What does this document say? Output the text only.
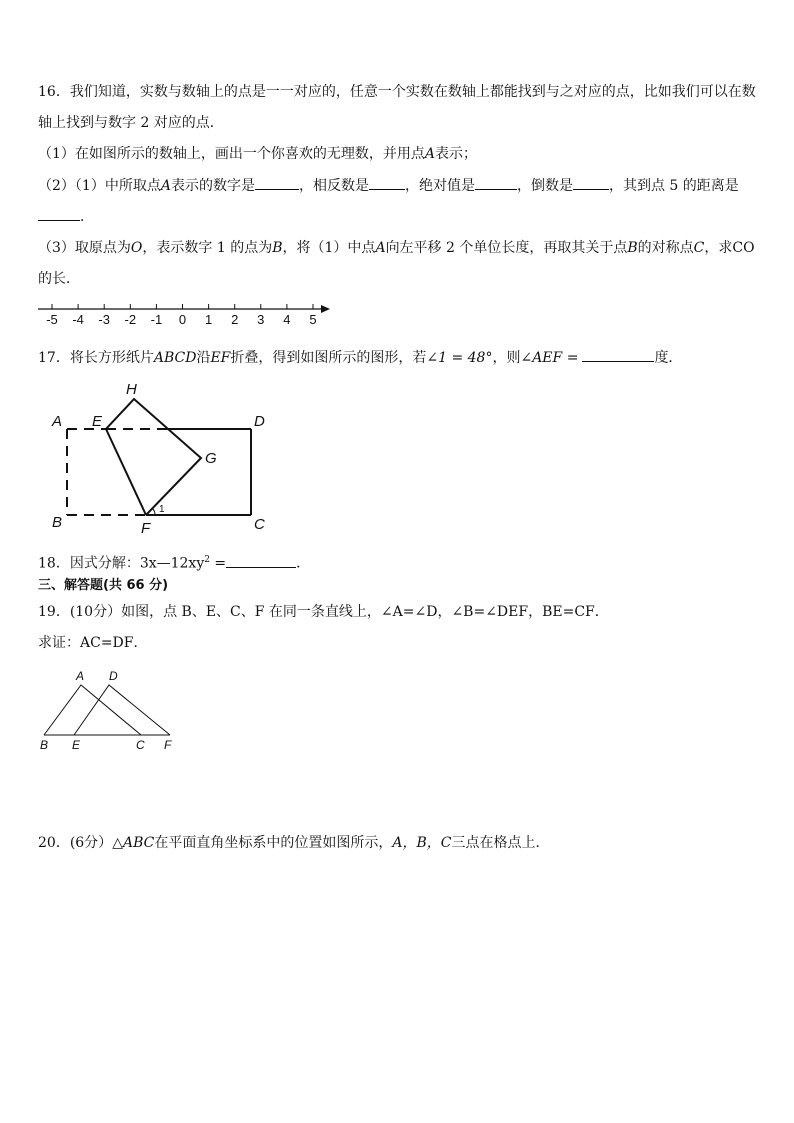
16．我们知道，实数与数轴上的点是一一对应的，任意一个实数在数轴上都能找到与之对应的点，比如我们可以在数
轴上找到与数字 2 对应的点．
（1）在如图所示的数轴上，画出一个你喜欢的无理数，并用点A表示；
（2）（1）中所取点A表示的数字是	，相反数是	，绝对值是	，倒数是	，其到点 5 的距离是
．
（3）取原点为O，表示数字 1 的点为B，将（1）中点A向左平移 2 个单位长度，再取其关于点B的对称点C，求CO
的长．
-5 -4 -3 -2 -1 0 1 2 3 4 5
17．将长方形纸片ABCD沿EF折叠，得到如图所示的图形，若∠1 = 48°，则∠AEF =	度．
H
A E	D
G
B	F	C
1
18．因式分解：$3x—12xy^2$ =	．
三、解答题(共 66 分)
19．(10分）如图，点 B、E、C、F 在同一条直线上，∠A=∠D，∠B=∠DEF，BE=CF．
求证：AC=DF．
A D
B E	C F
20．(6分）△ABC在平面直角坐标系中的位置如图所示，A，B，C三点在格点上．
